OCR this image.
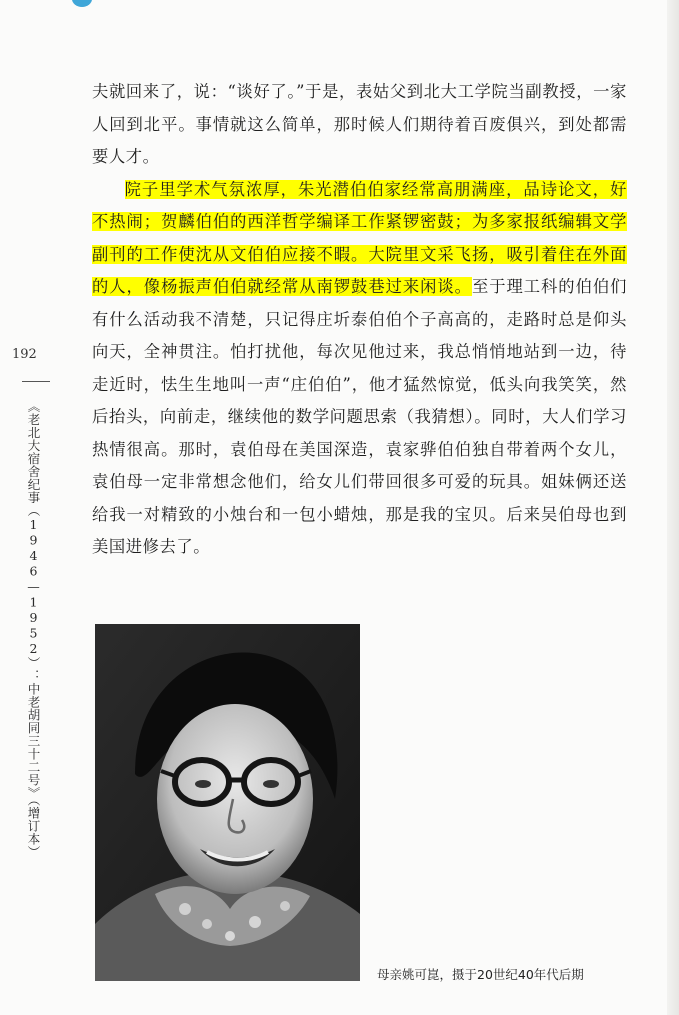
192
《老北大宿舍纪事（1946—1952）：中老胡同三十二号》（增订本）

夫就回来了，说：“谈好了。”于是，表姑父到北大工学院当副教授，一家人回到北平。事情就这么简单，那时候人们期待着百废俱兴，到处都需要人才。

院子里学术气氛浓厚，朱光潜伯伯家经常高朋满座，品诗论文，好不热闹；贺麟伯伯的西洋哲学编译工作紧锣密鼓；为多家报纸编辑文学副刊的工作使沈从文伯伯应接不暇。大院里文采飞扬，吸引着住在外面的人，像杨振声伯伯就经常从南锣鼓巷过来闲谈。至于理工科的伯伯们有什么活动我不清楚，只记得庄圻泰伯伯个子高高的，走路时总是仰头向天，全神贯注。怕打扰他，每次见他过来，我总悄悄地站到一边，待走近时，怯生生地叫一声“庄伯伯”，他才猛然惊觉，低头向我笑笑，然后抬头，向前走，继续他的数学问题思索（我猜想）。同时，大人们学习热情很高。那时，袁伯母在美国深造，袁家骅伯伯独自带着两个女儿，袁伯母一定非常想念他们，给女儿们带回很多可爱的玩具。姐妹俩还送给我一对精致的小烛台和一包小蜡烛，那是我的宝贝。后来吴伯母也到美国进修去了。

母亲姚可崑，摄于20世纪40年代后期
